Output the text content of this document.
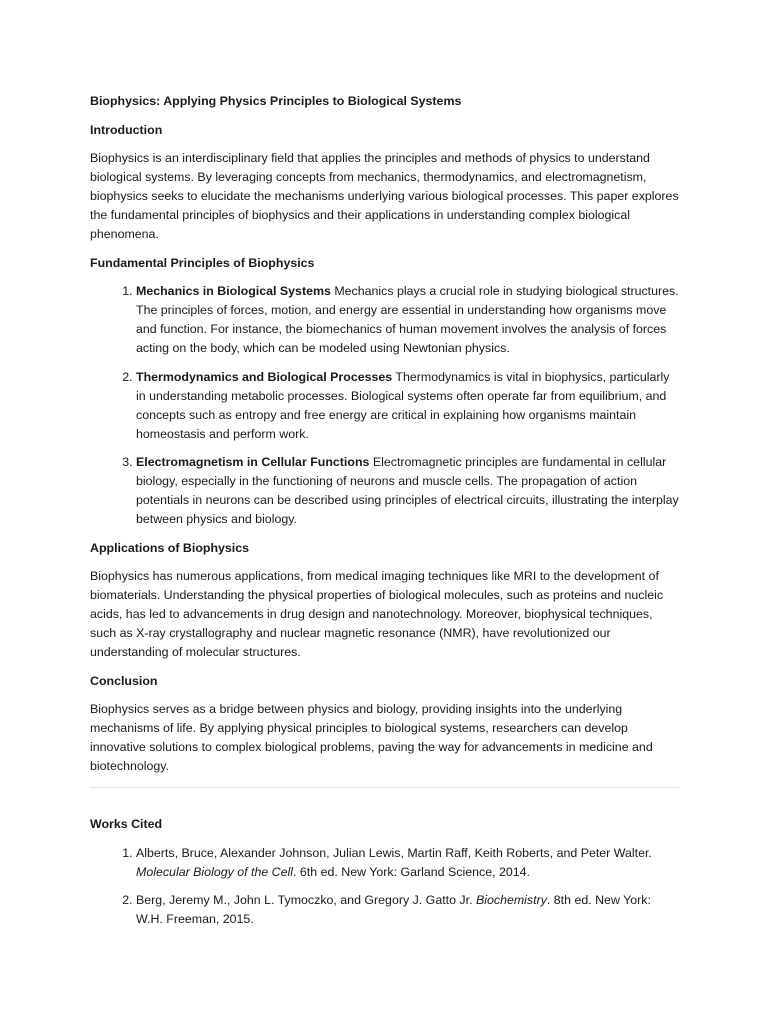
Biophysics: Applying Physics Principles to Biological Systems
Introduction

Biophysics is an interdisciplinary field that applies the principles and methods of physics to understand biological systems. By leveraging concepts from mechanics, thermodynamics, and electromagnetism, biophysics seeks to elucidate the mechanisms underlying various biological processes. This paper explores the fundamental principles of biophysics and their applications in understanding complex biological phenomena.

Fundamental Principles of Biophysics
1. Mechanics in Biological Systems Mechanics plays a crucial role in studying biological structures. The principles of forces, motion, and energy are essential in understanding how organisms move and function. For instance, the biomechanics of human movement involves the analysis of forces acting on the body, which can be modeled using Newtonian physics.
2. Thermodynamics and Biological Processes Thermodynamics is vital in biophysics, particularly in understanding metabolic processes. Biological systems often operate far from equilibrium, and concepts such as entropy and free energy are critical in explaining how organisms maintain homeostasis and perform work.
3. Electromagnetism in Cellular Functions Electromagnetic principles are fundamental in cellular biology, especially in the functioning of neurons and muscle cells. The propagation of action potentials in neurons can be described using principles of electrical circuits, illustrating the interplay between physics and biology.
Applications of Biophysics

Biophysics has numerous applications, from medical imaging techniques like MRI to the development of biomaterials. Understanding the physical properties of biological molecules, such as proteins and nucleic acids, has led to advancements in drug design and nanotechnology. Moreover, biophysical techniques, such as X-ray crystallography and nuclear magnetic resonance (NMR), have revolutionized our understanding of molecular structures.

Conclusion

Biophysics serves as a bridge between physics and biology, providing insights into the underlying mechanisms of life. By applying physical principles to biological systems, researchers can develop innovative solutions to complex biological problems, paving the way for advancements in medicine and biotechnology.

Works Cited
1. Alberts, Bruce, Alexander Johnson, Julian Lewis, Martin Raff, Keith Roberts, and Peter Walter. Molecular Biology of the Cell. 6th ed. New York: Garland Science, 2014.
2. Berg, Jeremy M., John L. Tymoczko, and Gregory J. Gatto Jr. Biochemistry. 8th ed. New York: W.H. Freeman, 2015.
